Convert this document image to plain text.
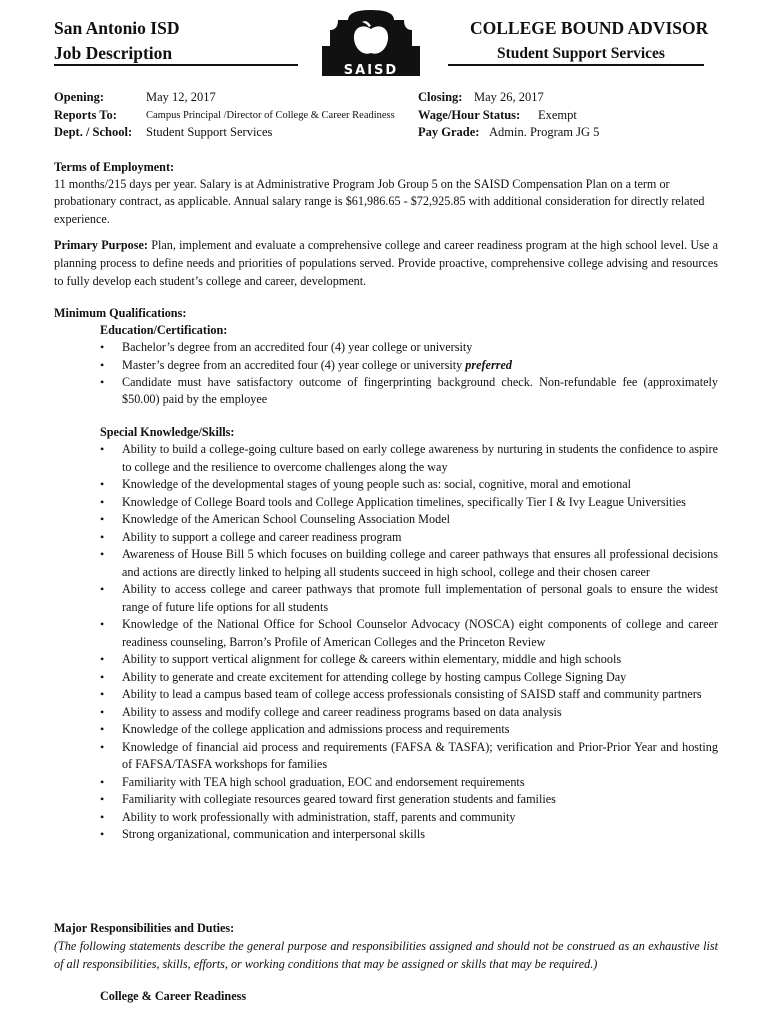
San Antonio ISD
Job Description
SAISD
COLLEGE BOUND ADVISOR
Student Support Services
Opening:	May 12, 2017
Reports To:	Campus Principal /Director of College & Career Readiness
Dept. / School: Student Support Services
Closing: May 26, 2017
Wage/Hour Status: Exempt
Pay Grade: Admin. Program JG 5

Terms of Employment:

11 months/215 days per year. Salary is at Administrative Program Job Group 5 on the SAISD Compensation Plan on a term or probationary contract, as applicable. Annual salary range is $61,986.65 - $72,925.85 with additional consideration for directly related experience.

Primary Purpose: Plan, implement and evaluate a comprehensive college and career readiness program at the high school level. Use a planning process to define needs and priorities of populations served. Provide proactive, comprehensive college advising and resources to fully develop each student’s college and career, development.

Minimum Qualifications:

Education/Certification:

• Bachelor’s degree from an accredited four (4) year college or university
• Master’s degree from an accredited four (4) year college or university preferred
• Candidate must have satisfactory outcome of fingerprinting background check. Non-refundable fee (approximately $50.00) paid by the employee

Special Knowledge/Skills:

• Ability to build a college-going culture based on early college awareness by nurturing in students the confidence to aspire to college and the resilience to overcome challenges along the way
• Knowledge of the developmental stages of young people such as: social, cognitive, moral and emotional
• Knowledge of College Board tools and College Application timelines, specifically Tier I & Ivy League Universities
• Knowledge of the American School Counseling Association Model
• Ability to support a college and career readiness program
• Awareness of House Bill 5 which focuses on building college and career pathways that ensures all professional decisions and actions are directly linked to helping all students succeed in high school, college and their chosen career
• Ability to access college and career pathways that promote full implementation of personal goals to ensure the widest range of future life options for all students
• Knowledge of the National Office for School Counselor Advocacy (NOSCA) eight components of college and career readiness counseling, Barron’s Profile of American Colleges and the Princeton Review
• Ability to support vertical alignment for college & careers within elementary, middle and high schools
• Ability to generate and create excitement for attending college by hosting campus College Signing Day
• Ability to lead a campus based team of college access professionals consisting of SAISD staff and community partners
• Ability to assess and modify college and career readiness programs based on data analysis
• Knowledge of the college application and admissions process and requirements
• Knowledge of financial aid process and requirements (FAFSA & TASFA); verification and Prior-Prior Year and hosting of FAFSA/TASFA workshops for families
• Familiarity with TEA high school graduation, EOC and endorsement requirements
• Familiarity with collegiate resources geared toward first generation students and families
• Ability to work professionally with administration, staff, parents and community
• Strong organizational, communication and interpersonal skills

Major Responsibilities and Duties:

(The following statements describe the general purpose and responsibilities assigned and should not be construed as an exhaustive list of all responsibilities, skills, efforts, or working conditions that may be assigned or skills that may be required.)

College & Career Readiness
